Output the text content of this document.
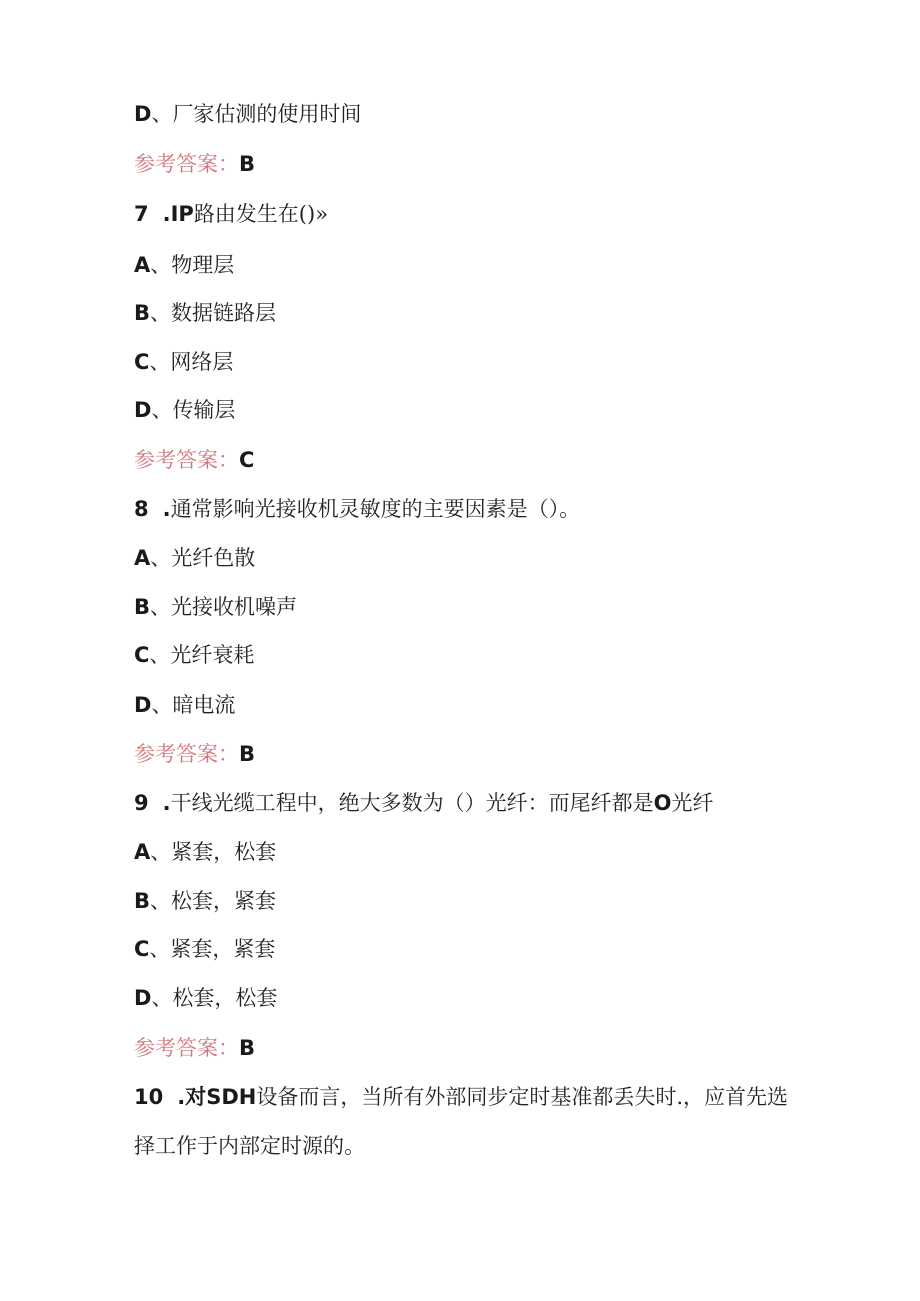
D、厂家估测的使用时间
参考答案：B
7 .IP路由发生在()»
A、物理层
B、数据链路层
C、网络层
D、传输层
参考答案：C
8 .通常影响光接收机灵敏度的主要因素是（）。
A、光纤色散
B、光接收机噪声
C、光纤衰耗
D、暗电流
参考答案：B
9 .干线光缆工程中，绝大多数为（）光纤：而尾纤都是O光纤
A、紧套，松套
B、松套，紧套
C、紧套，紧套
D、松套，松套
参考答案：B
10 .对SDH设备而言，当所有外部同步定时基准都丢失时.，应首先选
择工作于内部定时源的。
